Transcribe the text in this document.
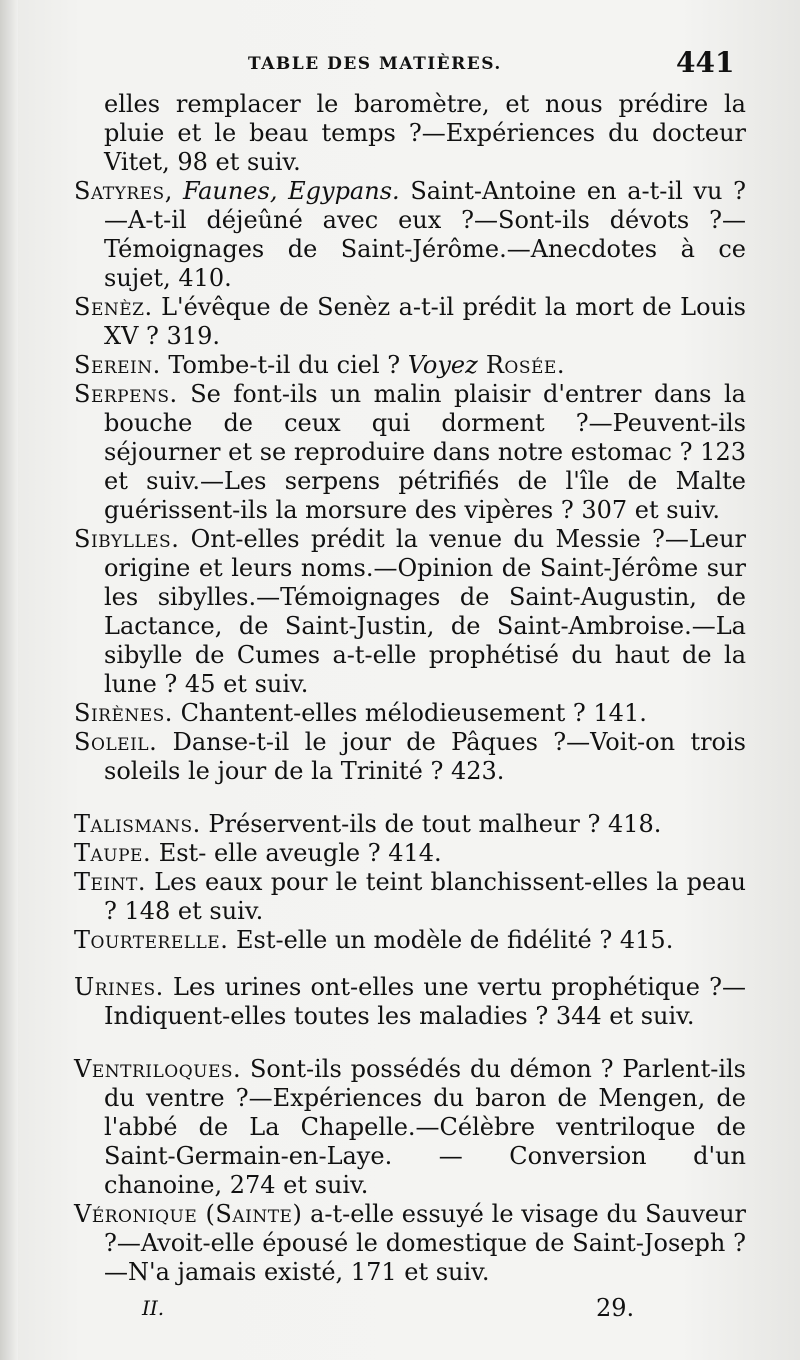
TABLE DES MATIÈRES.	441

elles remplacer le baromètre, et nous prédire la pluie et le beau temps ?—Expériences du docteur Vitet, 98 et suiv.

Satyres, Faunes, Egypans. Saint-Antoine en a-t-il vu ?—A-t-il déjeûné avec eux ?—Sont-ils dévots ?—Témoignages de Saint-Jérôme.—Anecdotes à ce sujet, 410.

Senèz. L'évêque de Senèz a-t-il prédit la mort de Louis XV ? 319.

Serein. Tombe-t-il du ciel ? Voyez Rosée.

Serpens. Se font-ils un malin plaisir d'entrer dans la bouche de ceux qui dorment ?—Peuvent-ils séjourner et se reproduire dans notre estomac ? 123 et suiv.—Les serpens pétrifiés de l'île de Malte guérissent-ils la morsure des vipères ? 307 et suiv.

Sibylles. Ont-elles prédit la venue du Messie ?—Leur origine et leurs noms.—Opinion de Saint-Jérôme sur les sibylles.—Témoignages de Saint-Augustin, de Lactance, de Saint-Justin, de Saint-Ambroise.—La sibylle de Cumes a-t-elle prophétisé du haut de la lune ? 45 et suiv.

Sirènes. Chantent-elles mélodieusement ? 141.

Soleil. Danse-t-il le jour de Pâques ?—Voit-on trois soleils le jour de la Trinité ? 423.

Talismans. Préservent-ils de tout malheur ? 418.

Taupe. Est- elle aveugle ? 414.

Teint. Les eaux pour le teint blanchissent-elles la peau ? 148 et suiv.

Tourterelle. Est-elle un modèle de fidélité ? 415.

Urines. Les urines ont-elles une vertu prophétique ?—Indiquent-elles toutes les maladies ? 344 et suiv.

Ventriloques. Sont-ils possédés du démon ? Parlent-ils du ventre ?—Expériences du baron de Mengen, de l'abbé de La Chapelle.—Célèbre ventriloque de Saint-Germain-en-Laye. — Conversion d'un chanoine, 274 et suiv.

Véronique (Sainte) a-t-elle essuyé le visage du Sauveur ?—Avoit-elle épousé le domestique de Saint-Joseph ?—N'a jamais existé, 171 et suiv.

II.	29.
